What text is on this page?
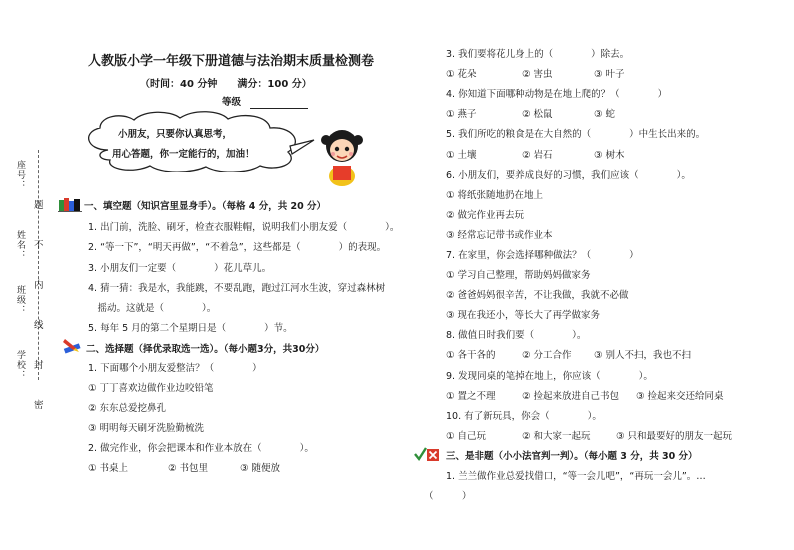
学校：
班级：
姓名：
座号：
题
不
内
线
封
密
人教版小学一年级下册道德与法治期末质量检测卷
（时间：40 分钟　　满分：100 分）
等级
小朋友，只要你认真思考，
用心答题，你一定能行的，加油！
一、填空题（知识宫里显身手）。（每格 4 分，共 20 分）
1. 出门前，洗脸、刷牙，检查衣服鞋帽，说明我们小朋友爱（　　　　）。
2. “等一下”，“明天再做”，“不着急”，这些都是（　　　　）的表现。
3. 小朋友们一定要（　　　　）花儿草儿。
4. 猜一猜：我是水，我能跳，不要乱跑，跑过江河水生波，穿过森林树
　摇动。这就是（　　　　）。
5. 每年 5 月的第二个星期日是（　　　　）节。
二、选择题（择优录取选一选）。（每小题3分，共30分）
1. 下面哪个小朋友爱整洁？（　　　　）
① 丁丁喜欢边做作业边咬铅笔
② 东东总爱挖鼻孔
③ 明明每天刷牙洗脸勤梳洗
2. 做完作业，你会把课本和作业本放在（　　　　）。
① 书桌上	② 书包里	③ 随便放
3. 我们要将花儿身上的（　　　　）除去。
① 花朵	② 害虫	③ 叶子
4. 你知道下面哪种动物是在地上爬的？（　　　　）
① 燕子	② 松鼠	③ 蛇
5. 我们所吃的粮食是在大自然的（　　　　）中生长出来的。
① 土壤	② 岩石	③ 树木
6. 小朋友们，要养成良好的习惯，我们应该（　　　　）。
① 将纸张随地扔在地上
② 做完作业再去玩
③ 经常忘记带书或作业本
7. 在家里，你会选择哪种做法？（　　　　）
① 学习自己整理，帮助妈妈做家务
② 爸爸妈妈很辛苦，不让我做，我就不必做
③ 现在我还小，等长大了再学做家务
8. 做值日时我们要（　　　　）。
① 各干各的	② 分工合作 ③ 别人不扫，我也不扫
9. 发现同桌的笔掉在地上，你应该（　　　　）。
① 置之不理	② 捡起来放进自己书包 ③ 捡起来交还给同桌
10. 有了新玩具，你会（　　　　）。
① 自己玩	② 和大家一起玩	③ 只和最要好的朋友一起玩
三、是非题（小小法官判一判）。（每小题 3 分，共 30 分）
1. 兰兰做作业总爱找借口，“等一会儿吧”，“再玩一会儿”。…
（　　　）
